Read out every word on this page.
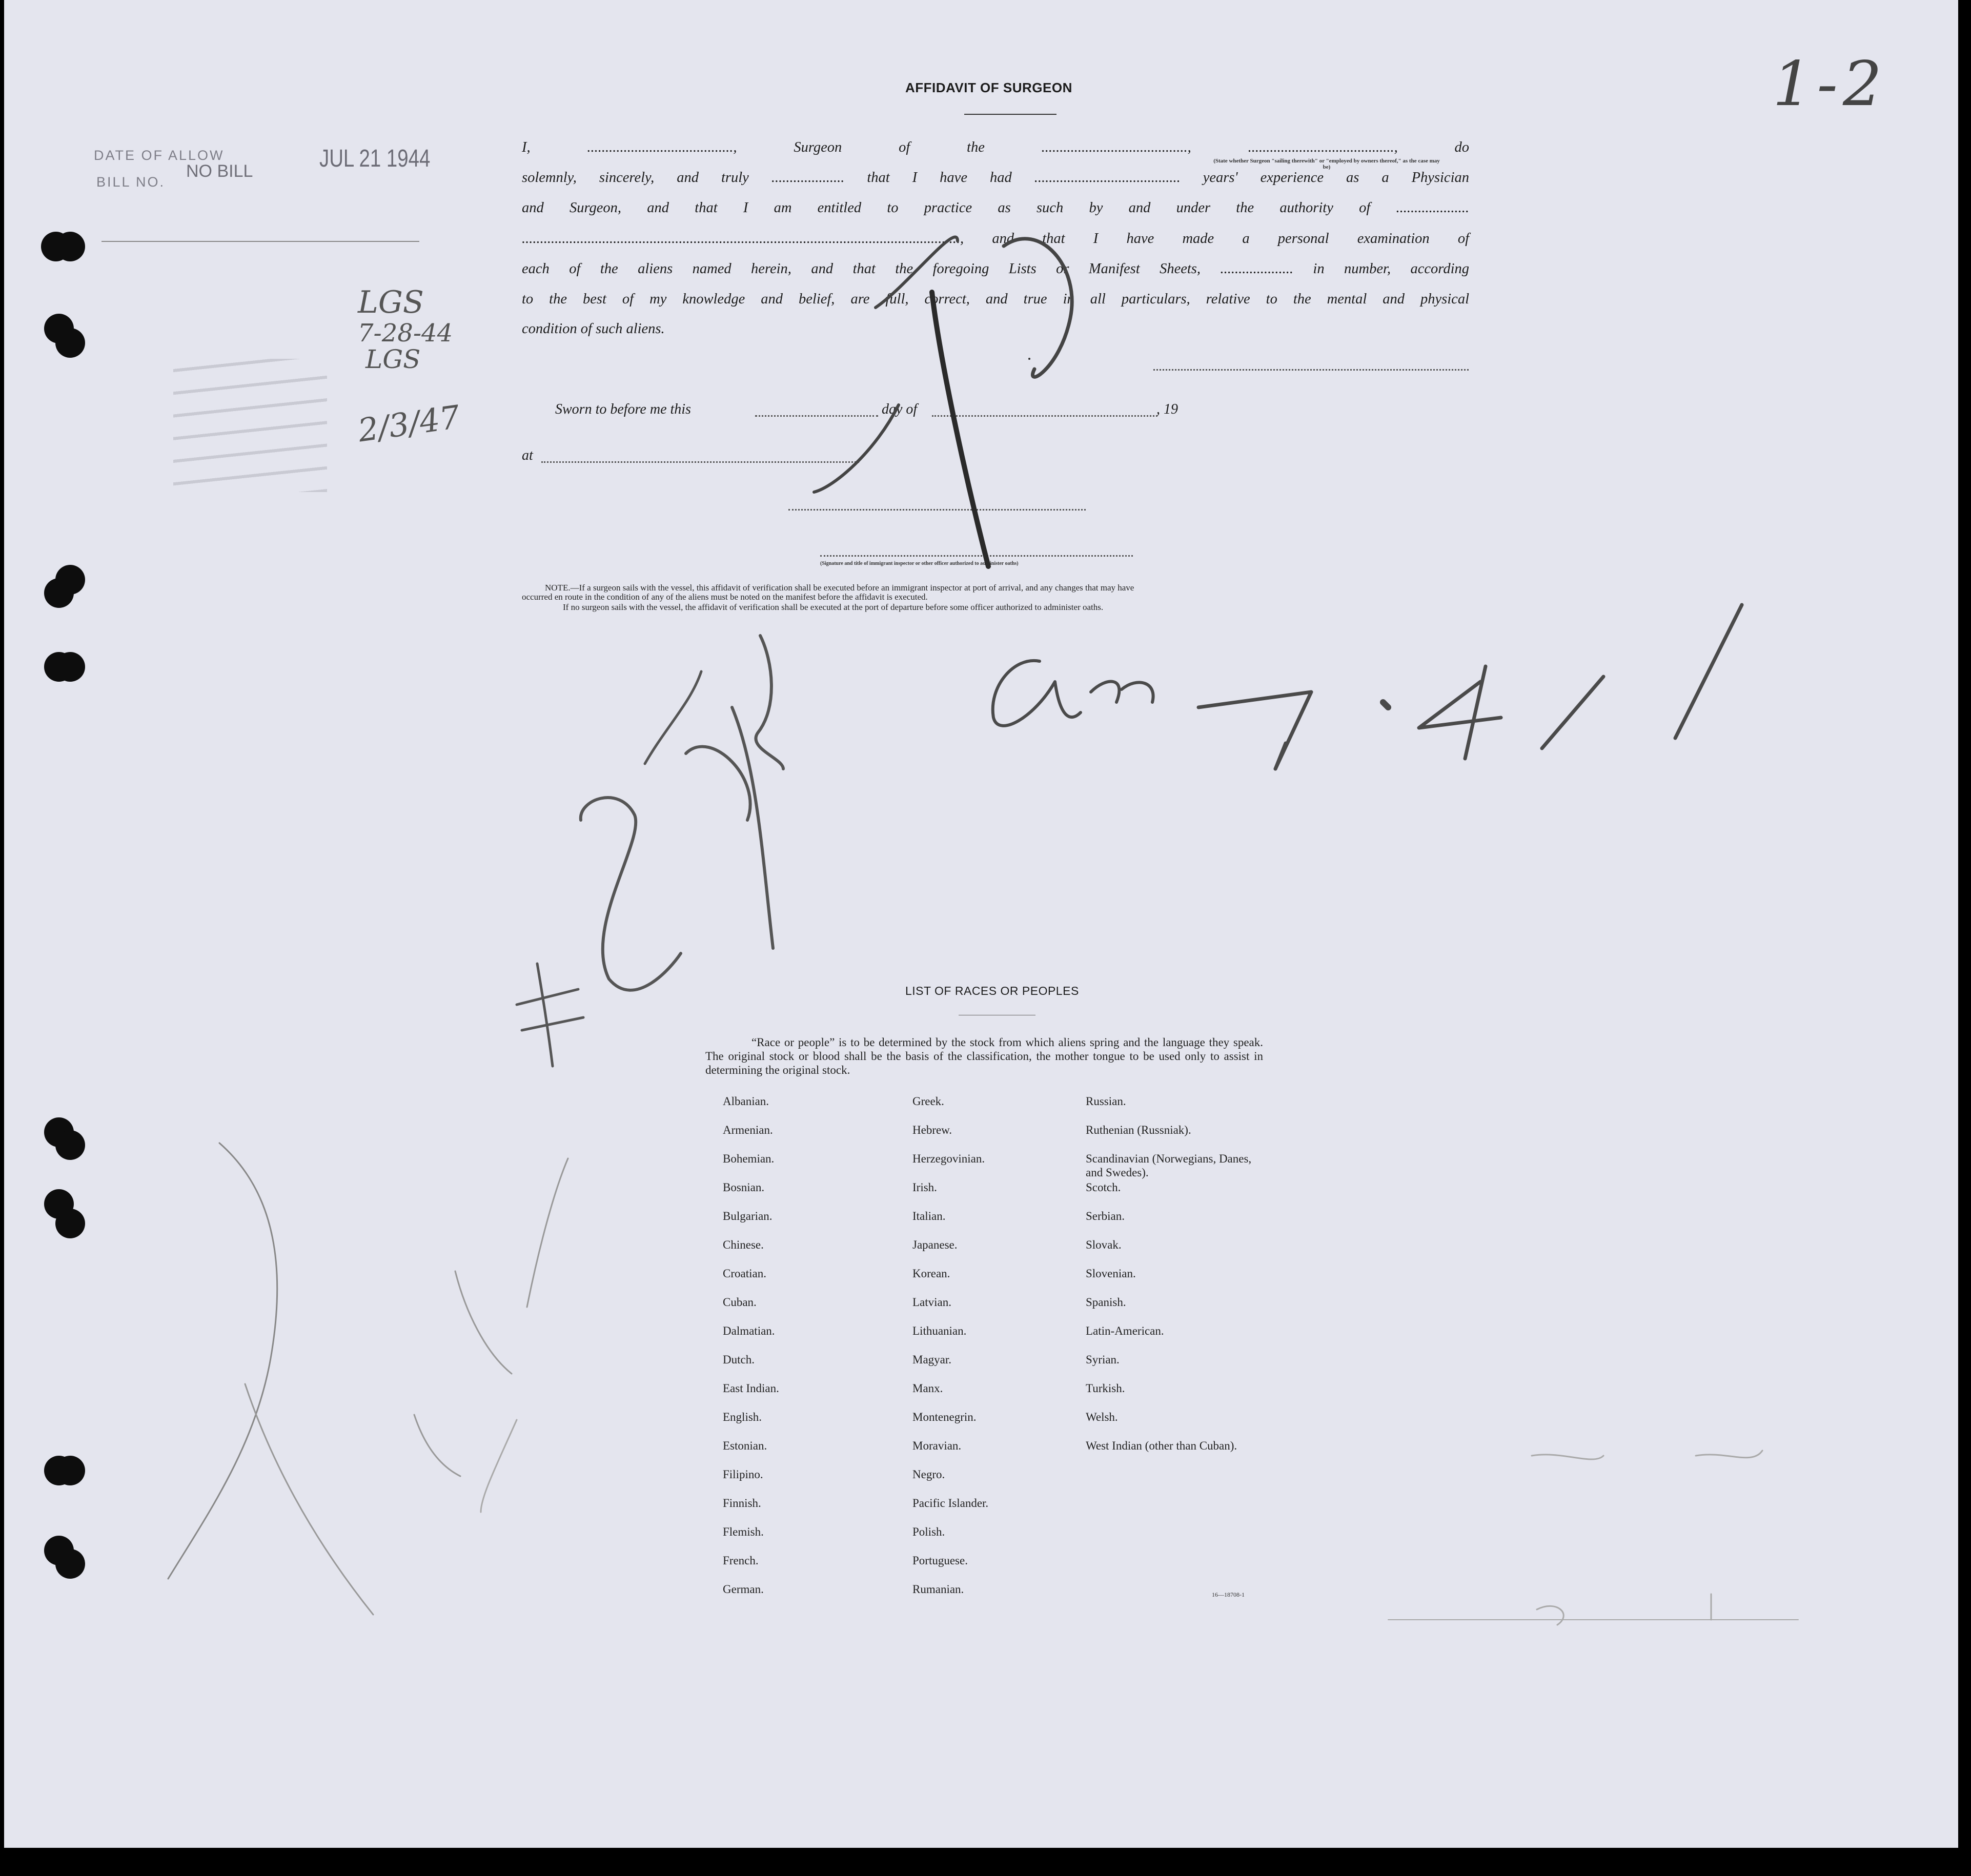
AFFIDAVIT OF SURGEON	1-2
DATE OF ALLOW
BILL NO.
NO BILL	JUL 21 1944
LGS
7-28-44
LGS
2/3/47
I, ........................................, Surgeon of the ........................................, ........................................, do
(State whether Surgeon "sailing therewith" or "employed by owners thereof," as the case may be)
solemnly, sincerely, and truly .................... that I have had ........................................ years' experience as a Physician
and Surgeon, and that I am entitled to practice as such by and under the authority of ....................
........................................................................................................................, and that I have made a personal examination of
each of the aliens named herein, and that the foregoing Lists or Manifest Sheets, .................... in number, according
to the best of my knowledge and belief, are full, correct, and true in all particulars, relative to the mental and physical
condition of such aliens.
Sworn to before me this	day of	, 19
at
(Signature and title of immigrant inspector or other officer authorized to administer oaths)
NOTE.—If a surgeon sails with the vessel, this affidavit of verification shall be executed before an immigrant inspector at port of arrival, and any changes that may have
occurred en route in the condition of any of the aliens must be noted on the manifest before the affidavit is executed.
If no surgeon sails with the vessel, the affidavit of verification shall be executed at the port of departure before some officer authorized to administer oaths.
LIST OF RACES OR PEOPLES
“Race or people” is to be determined by the stock from which aliens spring and the language they speak. The original stock or blood shall be the basis of the classification, the mother tongue to be used only to assist in determining the original stock.
Albanian.
Armenian.
Bohemian.
Bosnian.
Bulgarian.
Chinese.
Croatian.
Cuban.
Dalmatian.
Dutch.
East Indian.
English.
Estonian.
Filipino.
Finnish.
Flemish.
French.
German.
Greek.
Hebrew.
Herzegovinian.
Irish.
Italian.
Japanese.
Korean.
Latvian.
Lithuanian.
Magyar.
Manx.
Montenegrin.
Moravian.
Negro.
Pacific Islander.
Polish.
Portuguese.
Rumanian.
Russian.
Ruthenian (Russniak).
Scandinavian (Norwegians, Danes, and Swedes).
Scotch.
Serbian.
Slovak.
Slovenian.
Spanish.
Latin-American.
Syrian.
Turkish.
Welsh.
West Indian (other than Cuban).
16—18708-1
